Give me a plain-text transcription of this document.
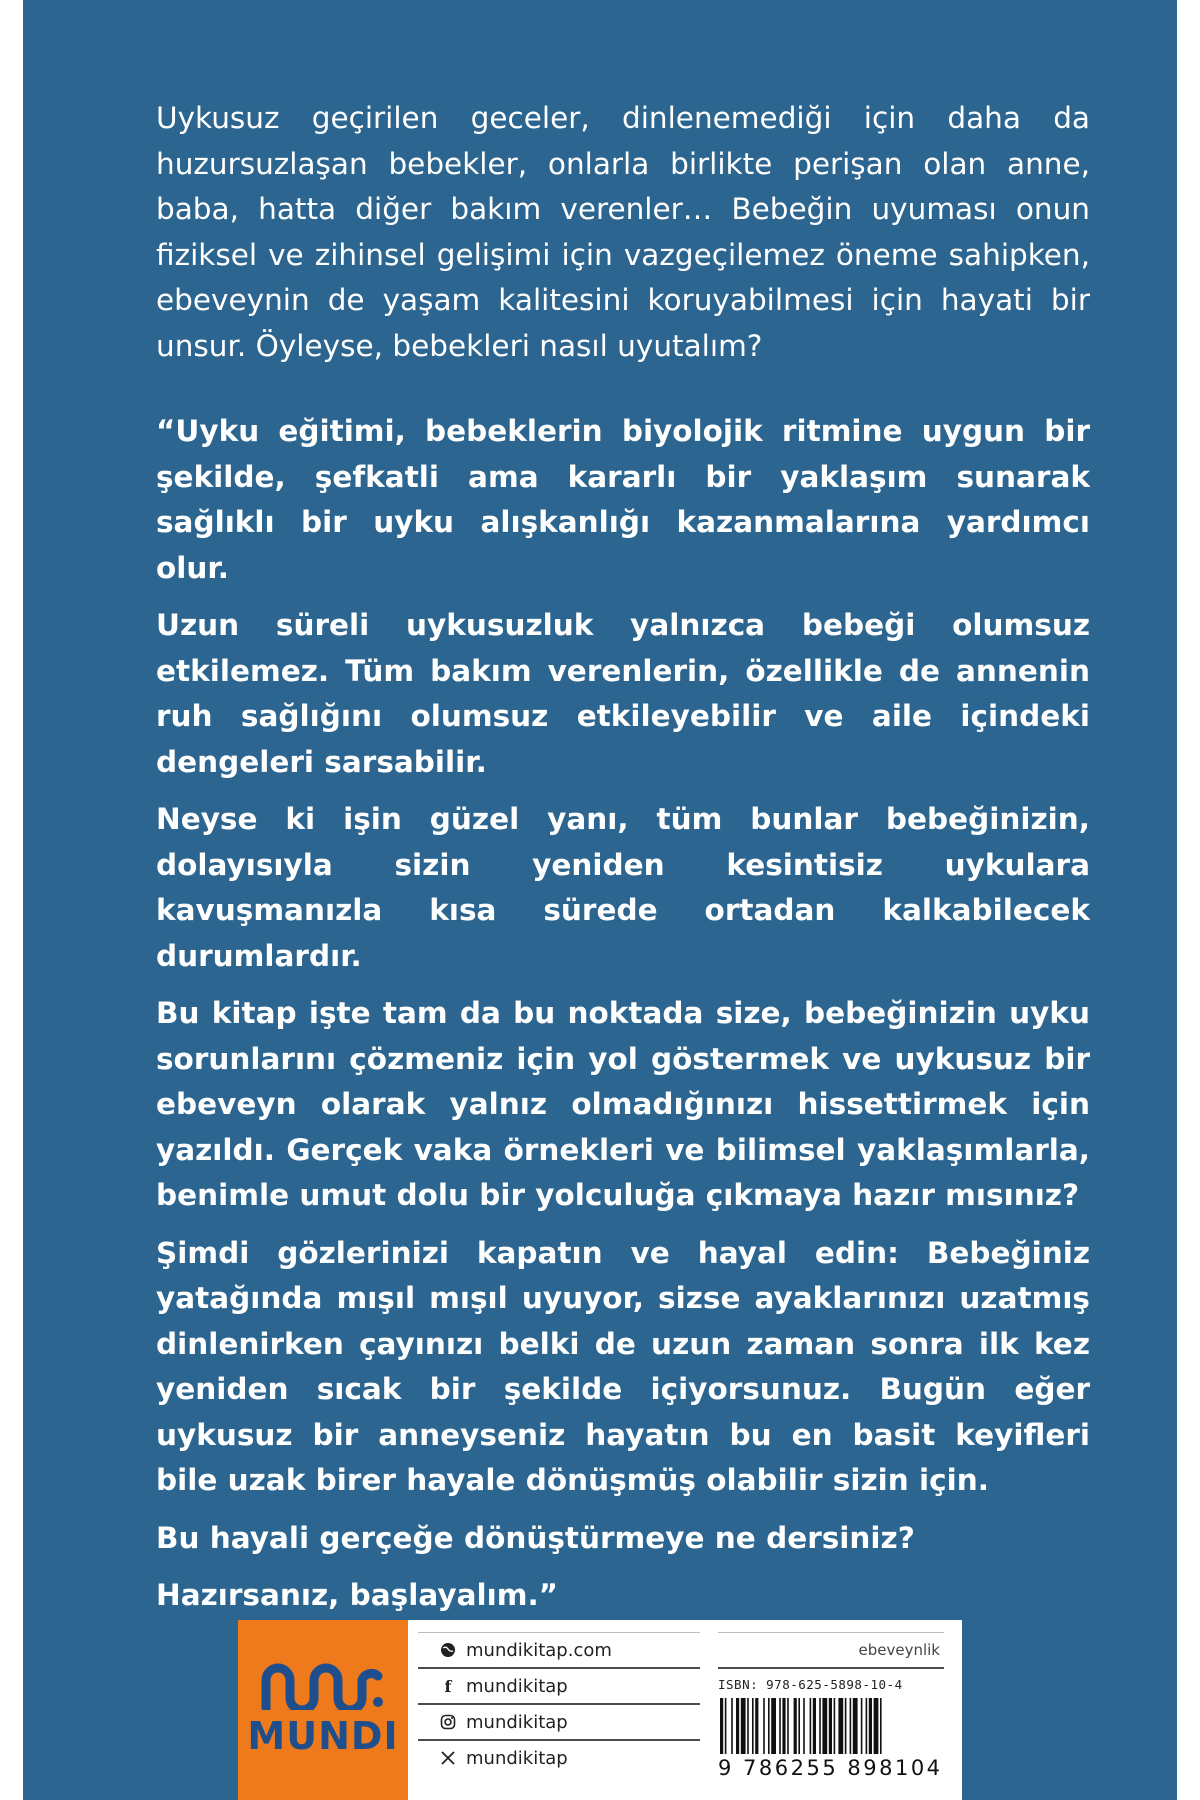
Uykusuz geçirilen geceler, dinlenemediği için daha da huzursuzlaşan bebekler, onlarla birlikte perişan olan anne, baba, hatta diğer bakım verenler… Bebeğin uyuması onun fiziksel ve zihinsel gelişimi için vazgeçilemez öneme sahipken, ebeveynin de yaşam kalitesini koruyabilmesi için hayati bir unsur. Öyleyse, bebekleri nasıl uyutalım?

“Uyku eğitimi, bebeklerin biyolojik ritmine uygun bir şekilde, şefkatli ama kararlı bir yaklaşım sunarak sağlıklı bir uyku alışkanlığı kazanmalarına yardımcı olur.

Uzun süreli uykusuzluk yalnızca bebeği olumsuz etkilemez. Tüm bakım verenlerin, özellikle de annenin ruh sağlığını olumsuz etkileyebilir ve aile içindeki dengeleri sarsabilir.

Neyse ki işin güzel yanı, tüm bunlar bebeğinizin, dolayısıyla sizin yeniden kesintisiz uykulara kavuşmanızla kısa sürede ortadan kalkabilecek durumlardır.

Bu kitap işte tam da bu noktada size, bebeğinizin uyku sorunlarını çözmeniz için yol göstermek ve uykusuz bir ebeveyn olarak yalnız olmadığınızı hissettirmek için yazıldı. Gerçek vaka örnekleri ve bilimsel yaklaşımlarla, benimle umut dolu bir yolculuğa çıkmaya hazır mısınız?

Şimdi gözlerinizi kapatın ve hayal edin: Bebeğiniz yatağında mışıl mışıl uyuyor, sizse ayaklarınızı uzatmış dinlenirken çayınızı belki de uzun zaman sonra ilk kez yeniden sıcak bir şekilde içiyorsunuz. Bugün eğer uykusuz bir anneyseniz hayatın bu en basit keyifleri bile uzak birer hayale dönüşmüş olabilir sizin için.

Bu hayali gerçeğe dönüştürmeye ne dersiniz?

Hazırsanız, başlayalım.”

MUNDI
mundikitap.com
f mundikitap
mundikitap
mundikitap
ebeveynlik
ISBN: 978-625-5898-10-4
9 786255 898104
